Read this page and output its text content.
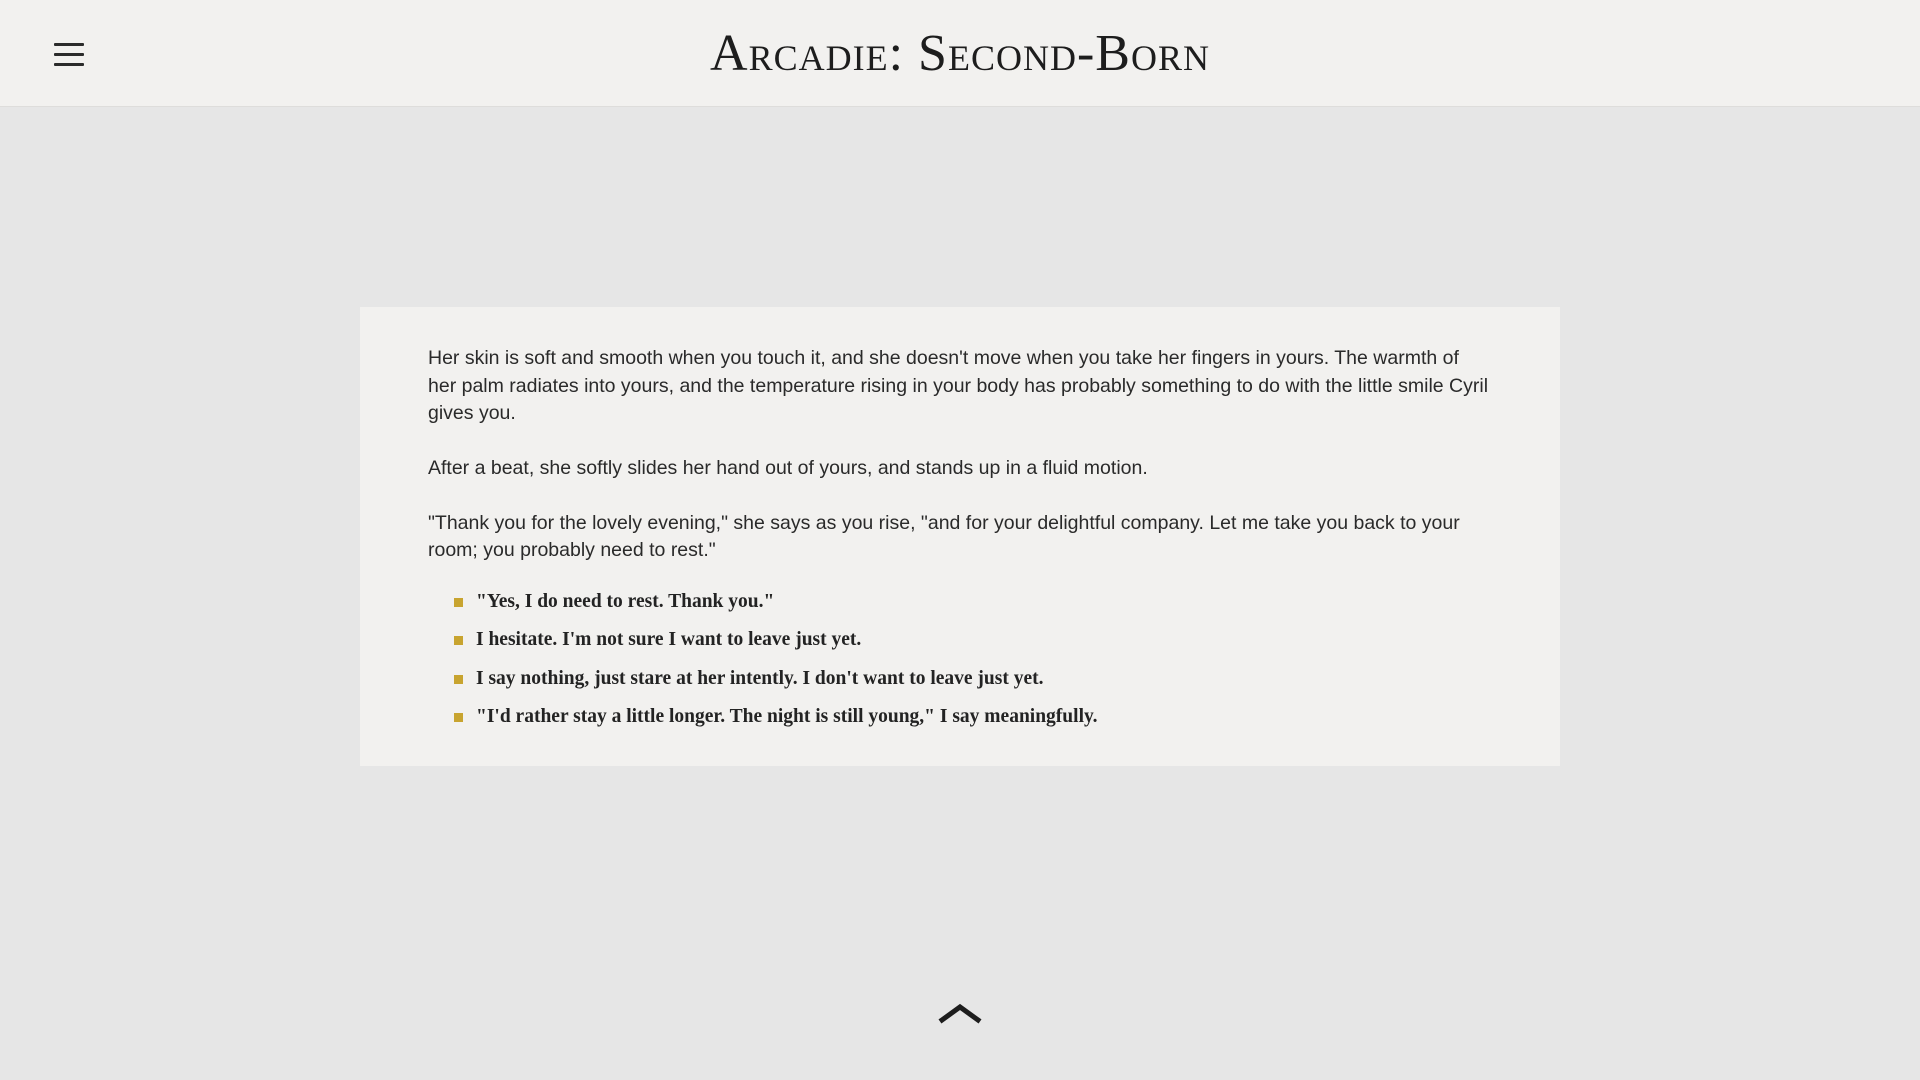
Arcadie: Second-Born

Her skin is soft and smooth when you touch it, and she doesn't move when you take her fingers in yours. The warmth of her palm radiates into yours, and the temperature rising in your body has probably something to do with the little smile Cyril gives you.

After a beat, she softly slides her hand out of yours, and stands up in a fluid motion.

"Thank you for the lovely evening," she says as you rise, "and for your delightful company. Let me take you back to your room; you probably need to rest."

"Yes, I do need to rest. Thank you."
I hesitate. I'm not sure I want to leave just yet.
I say nothing, just stare at her intently. I don't want to leave just yet.
"I'd rather stay a little longer. The night is still young," I say meaningfully.
